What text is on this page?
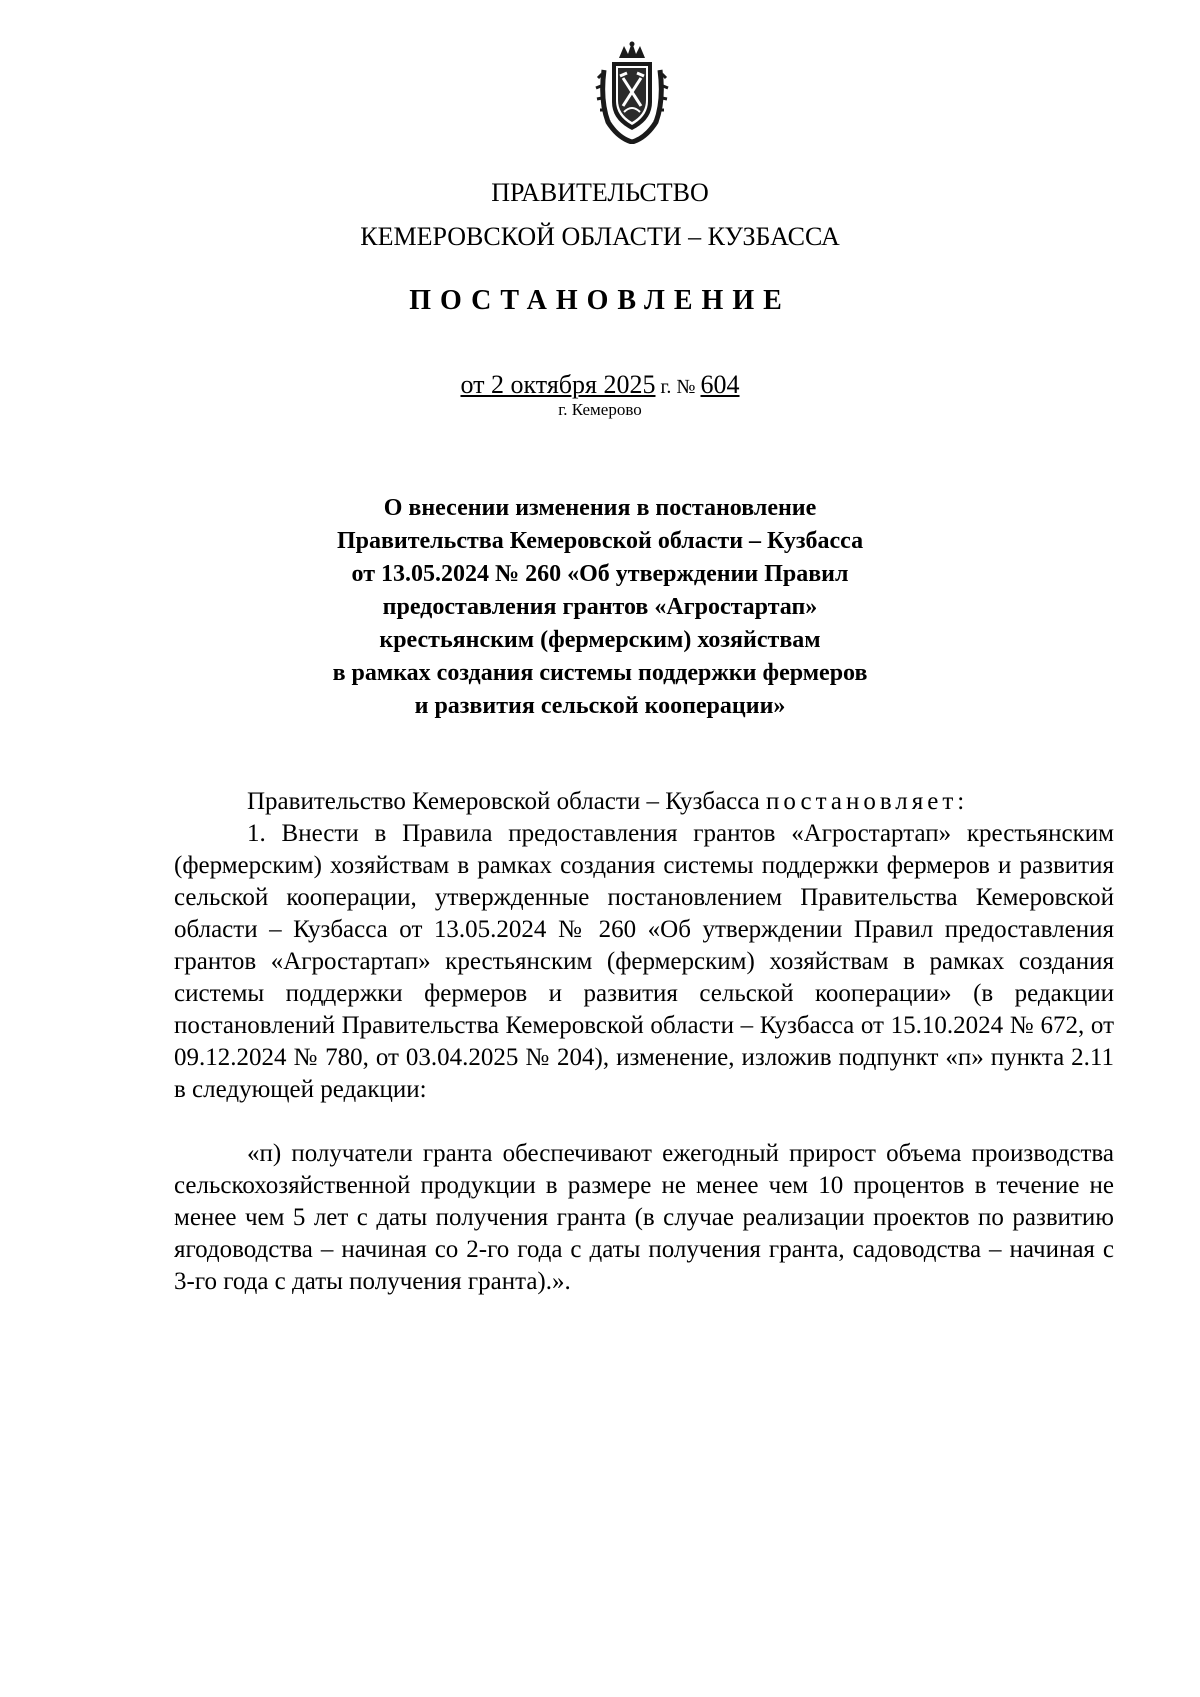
ПРАВИТЕЛЬСТВО
КЕМЕРОВСКОЙ ОБЛАСТИ – КУЗБАССА
ПОСТАНОВЛЕНИЕ
от 2 октября 2025 г. № 604
г. Кемерово
О внесении изменения в постановление
Правительства Кемеровской области – Кузбасса
от 13.05.2024 № 260 «Об утверждении Правил
предоставления грантов «Агростартап»
крестьянским (фермерским) хозяйствам
в рамках создания системы поддержки фермеров
и развития сельской кооперации»
Правительство Кемеровской области – Кузбасса постановляет:
1. Внести в Правила предоставления грантов «Агростартап» крестьянским (фермерским) хозяйствам в рамках создания системы поддержки фермеров и развития сельской кооперации, утвержденные постановлением Правительства Кемеровской области – Кузбасса от 13.05.2024 № 260 «Об утверждении Правил предоставления грантов «Агростартап» крестьянским (фермерским) хозяйствам в рамках создания системы поддержки фермеров и развития сельской кооперации» (в редакции постановлений Правительства Кемеровской области – Кузбасса от 15.10.2024 № 672, от 09.12.2024 № 780, от 03.04.2025 № 204), изменение, изложив подпункт «п» пункта 2.11 в следующей редакции:
«п) получатели гранта обеспечивают ежегодный прирост объема производства сельскохозяйственной продукции в размере не менее чем 10 процентов в течение не менее чем 5 лет с даты получения гранта (в случае реализации проектов по развитию ягодоводства – начиная со 2-го года с даты получения гранта, садоводства – начиная с 3-го года с даты получения гранта).».
